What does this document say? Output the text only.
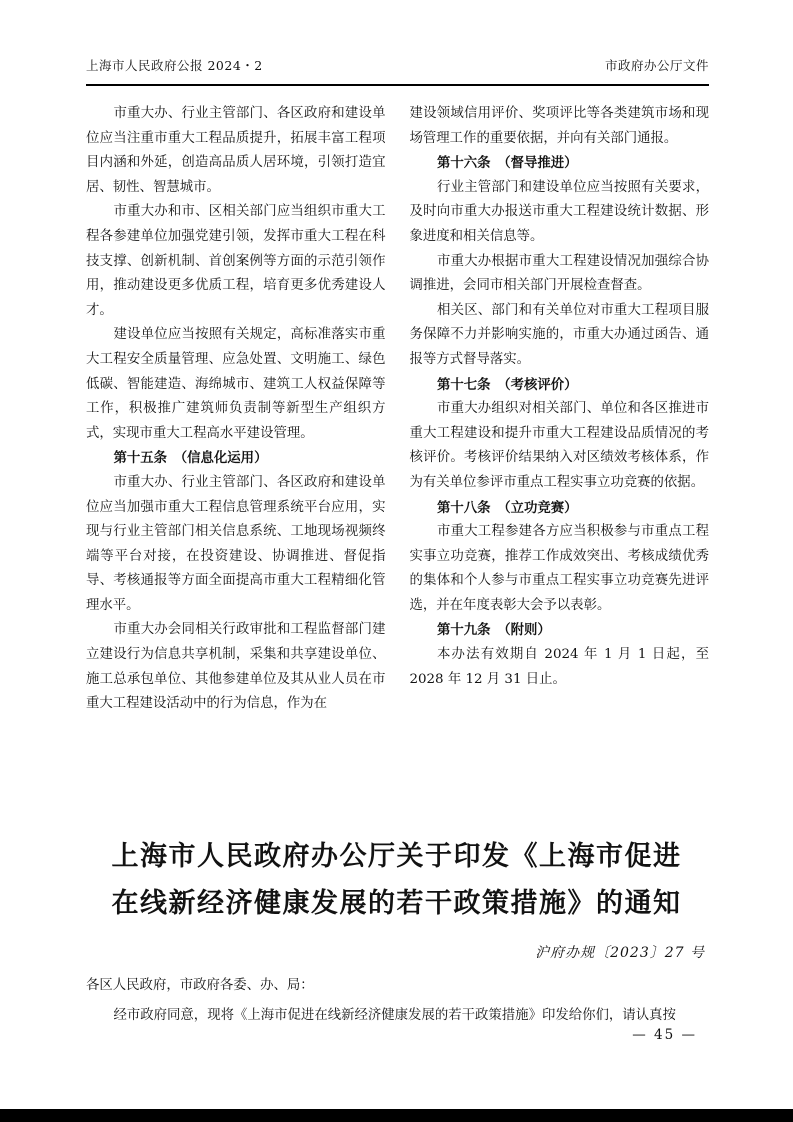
上海市人民政府公报 2024・2	市政府办公厅文件

市重大办、行业主管部门、各区政府和建设单位应当注重市重大工程品质提升，拓展丰富工程项目内涵和外延，创造高品质人居环境，引领打造宜居、韧性、智慧城市。

市重大办和市、区相关部门应当组织市重大工程各参建单位加强党建引领，发挥市重大工程在科技支撑、创新机制、首创案例等方面的示范引领作用，推动建设更多优质工程，培育更多优秀建设人才。

建设单位应当按照有关规定，高标准落实市重大工程安全质量管理、应急处置、文明施工、绿色低碳、智能建造、海绵城市、建筑工人权益保障等工作，积极推广建筑师负责制等新型生产组织方式，实现市重大工程高水平建设管理。

第十五条　（信息化运用）

市重大办、行业主管部门、各区政府和建设单位应当加强市重大工程信息管理系统平台应用，实现与行业主管部门相关信息系统、工地现场视频终端等平台对接，在投资建设、协调推进、督促指导、考核通报等方面全面提高市重大工程精细化管理水平。

市重大办会同相关行政审批和工程监督部门建立建设行为信息共享机制，采集和共享建设单位、施工总承包单位、其他参建单位及其从业人员在市重大工程建设活动中的行为信息，作为在

建设领域信用评价、奖项评比等各类建筑市场和现场管理工作的重要依据，并向有关部门通报。

第十六条　（督导推进）

行业主管部门和建设单位应当按照有关要求，及时向市重大办报送市重大工程建设统计数据、形象进度和相关信息等。

市重大办根据市重大工程建设情况加强综合协调推进，会同市相关部门开展检查督查。

相关区、部门和有关单位对市重大工程项目服务保障不力并影响实施的，市重大办通过函告、通报等方式督导落实。

第十七条　（考核评价）

市重大办组织对相关部门、单位和各区推进市重大工程建设和提升市重大工程建设品质情况的考核评价。考核评价结果纳入对区绩效考核体系，作为有关单位参评市重点工程实事立功竞赛的依据。

第十八条　（立功竞赛）

市重大工程参建各方应当积极参与市重点工程实事立功竞赛，推荐工作成效突出、考核成绩优秀的集体和个人参与市重点工程实事立功竞赛先进评选，并在年度表彰大会予以表彰。

第十九条　（附则）

本办法有效期自 2024 年 1 月 1 日起，至 2028 年 12 月 31 日止。

上海市人民政府办公厅关于印发《上海市促进
在线新经济健康发展的若干政策措施》的通知
沪府办规〔2023〕27 号
各区人民政府，市政府各委、办、局：
经市政府同意，现将《上海市促进在线新经济健康发展的若干政策措施》印发给你们，请认真按
— 45 —
